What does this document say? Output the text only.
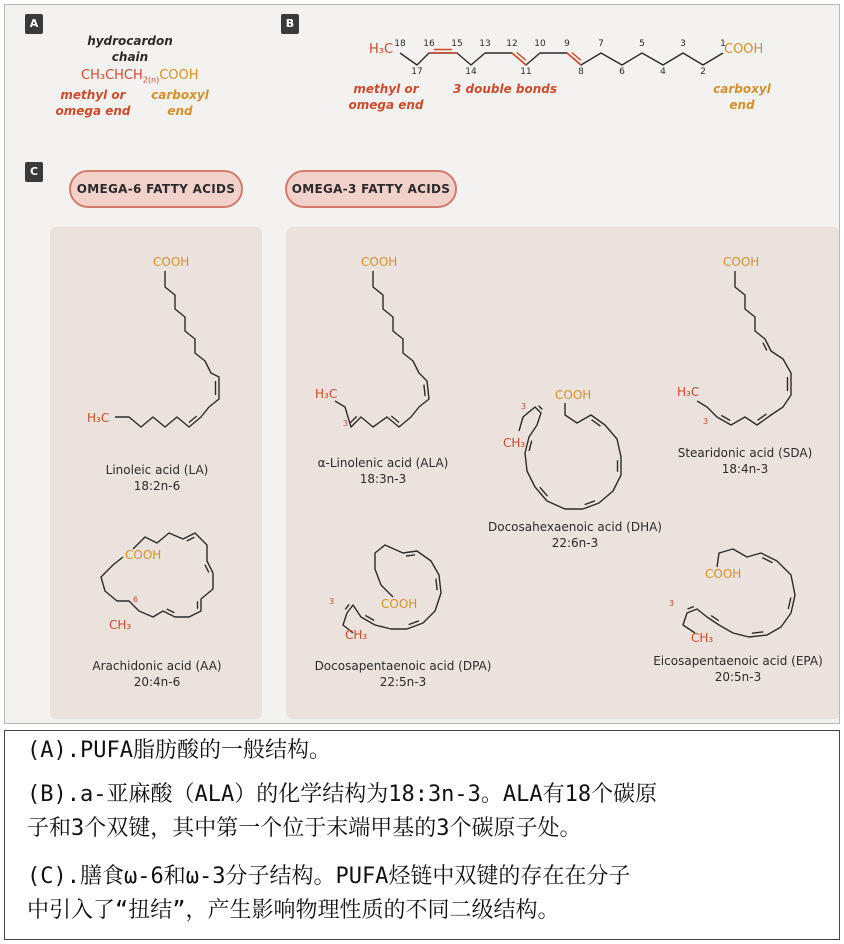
A	B
C
hydrocardon
chain
$CH_3CHCH_{2(n)}COOH$
methyl or
omega end
carboxyl
end
H₃C	COOH
methyl or
omega end
3 double bonds	carboxyl
end
18
17
16 15
14
13 12
11
10	9
8
7
6
5
4
3
2
1
OMEGA-6 FATTY ACIDS	OMEGA-3 FATTY ACIDS
COOH
H₃C
COOH
CH₃
6
COOH
H₃C
3
COOH
CH₃
3
COOH
H₃C
3
COOH
CH₃
3
COOH
CH₃
3
Linoleic acid (LA)
18:2n-6
Arachidonic acid (AA)
20:4n-6
α-Linolenic acid (ALA)
18:3n-3
Docosahexaenoic acid (DHA)
22:6n-3
Stearidonic acid (SDA)
18:4n-3
Docosapentaenoic acid (DPA)
22:5n-3
Eicosapentaenoic acid (EPA)
20:5n-3
(A).PUFA脂肪酸的一般结构。
(B).a-亚麻酸（ALA）的化学结构为18:3n-3。ALA有18个碳原
子和3个双键，其中第一个位于末端甲基的3个碳原子处。
(C).膳食ω-6和ω-3分子结构。PUFA烃链中双键的存在在分子
中引入了“扭结”，产生影响物理性质的不同二级结构。
